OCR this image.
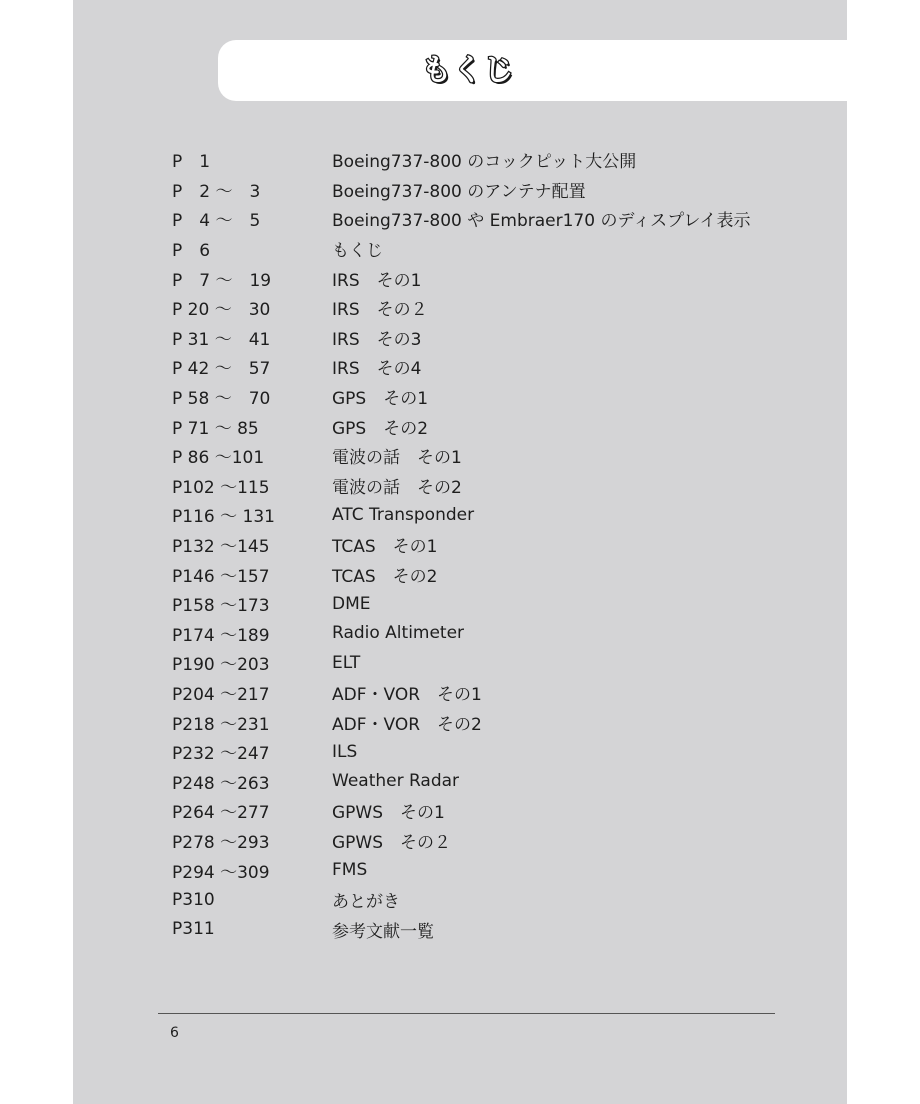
もくじ
P　1	Boeing737-800 のコックピット大公開
P　2 ～　3	Boeing737-800 のアンテナ配置
P　4 ～　5	Boeing737-800 や Embraer170 のディスプレイ表示
P　6	もくじ
P　7 ～　19	IRS　その1
P 20 ～　30	IRS　その２
P 31 ～　41	IRS　その3
P 42 ～　57	IRS　その4
P 58 ～　70	GPS　その1
P 71 ～ 85	GPS　その2
P 86 ～101	電波の話　その1
P102 ～115	電波の話　その2
P116 ～ 131	ATC Transponder
P132 ～145	TCAS　その1
P146 ～157	TCAS　その2
P158 ～173	DME
P174 ～189	Radio Altimeter
P190 ～203	ELT
P204 ～217	ADF・VOR　その1
P218 ～231	ADF・VOR　その2
P232 ～247	ILS
P248 ～263	Weather Radar
P264 ～277	GPWS　その1
P278 ～293	GPWS　その２
P294 ～309	FMS
P310	あとがき
P311	参考文献一覧
6
